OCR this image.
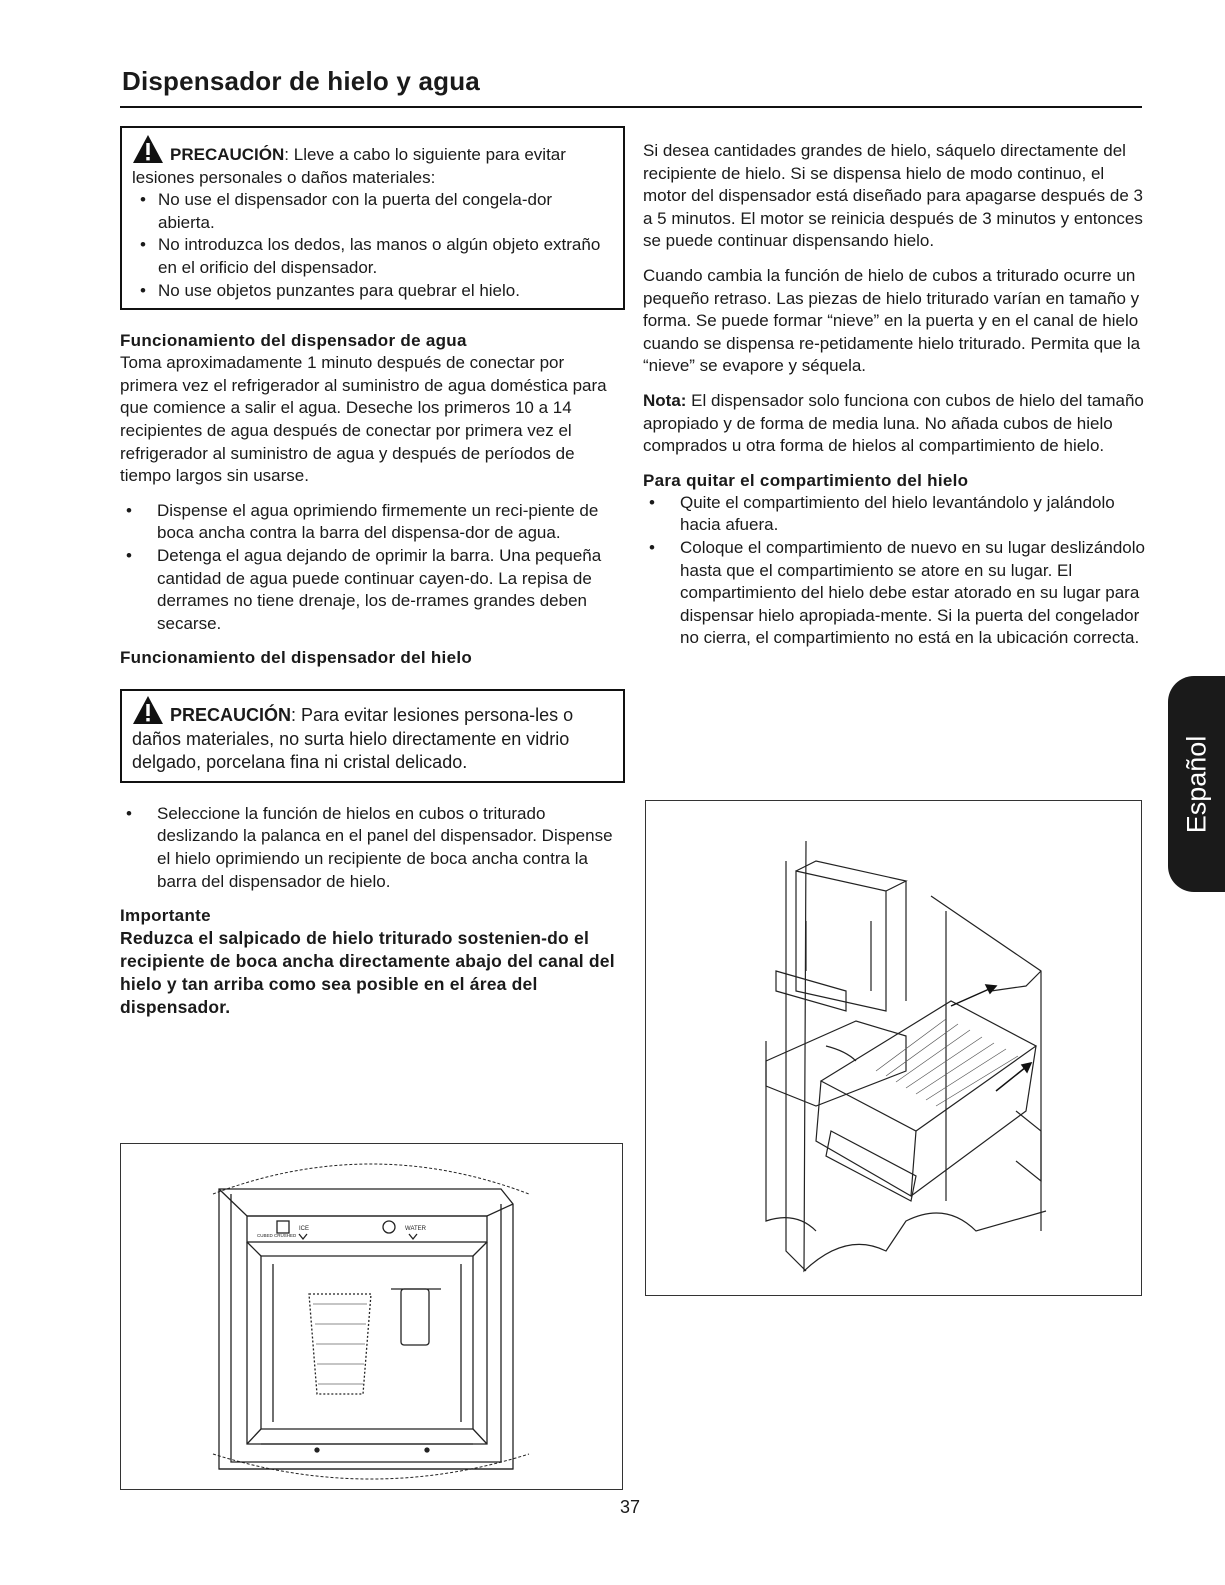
Dispensador de hielo y agua

PRECAUCIÓN: Lleve a cabo lo siguiente para evitar lesiones personales o daños materiales:

• No use el dispensador con la puerta del congela-dor abierta.
• No introduzca los dedos, las manos o algún objeto extraño en el orificio del dispensador.
• No use objetos punzantes para quebrar el hielo.
Funcionamiento del dispensador de agua

Toma aproximadamente 1 minuto después de conectar por primera vez el refrigerador al suministro de agua doméstica para que comience a salir el agua. Deseche los primeros 10 a 14 recipientes de agua después de conectar por primera vez el refrigerador al suministro de agua y después de períodos de tiempo largos sin usarse.

• Dispense el agua oprimiendo firmemente un reci-piente de boca ancha contra la barra del dispensa-dor de agua.
• Detenga el agua dejando de oprimir la barra. Una pequeña cantidad de agua puede continuar cayen-do. La repisa de derrames no tiene drenaje, los de-rrames grandes deben secarse.
Funcionamiento del dispensador del hielo

PRECAUCIÓN: Para evitar lesiones persona-les o daños materiales, no surta hielo directamente en vidrio delgado, porcelana fina ni cristal delicado.

• Seleccione la función de hielos en cubos o triturado deslizando la palanca en el panel del dispensador. Dispense el hielo oprimiendo un recipiente de boca ancha contra la barra del dispensador de hielo.
Importante

Reduzca el salpicado de hielo triturado sostenien-do el recipiente de boca ancha directamente abajo del canal del hielo y tan arriba como sea posible en el área del dispensador.

ICE	WATER
CUBED CRUSHED

Si desea cantidades grandes de hielo, sáquelo directamente del recipiente de hielo. Si se dispensa hielo de modo continuo, el motor del dispensador está diseñado para apagarse después de 3 a 5 minutos. El motor se reinicia después de 3 minutos y entonces se puede continuar dispensando hielo.

Cuando cambia la función de hielo de cubos a triturado ocurre un pequeño retraso. Las piezas de hielo triturado varían en tamaño y forma. Se puede formar “nieve” en la puerta y en el canal de hielo cuando se dispensa re-petidamente hielo triturado. Permita que la “nieve” se evapore y séquela.

Nota: El dispensador solo funciona con cubos de hielo del tamaño apropiado y de forma de media luna. No añada cubos de hielo comprados u otra forma de hielos al compartimiento de hielo.

Para quitar el compartimiento del hielo
• Quite el compartimiento del hielo levantándolo y jalándolo hacia afuera.
• Coloque el compartimiento de nuevo en su lugar deslizándolo hasta que el compartimiento se atore en su lugar. El compartimiento del hielo debe estar atorado en su lugar para dispensar hielo apropiada-mente. Si la puerta del congelador no cierra, el compartimiento no está en la ubicación correcta.
37
Español
